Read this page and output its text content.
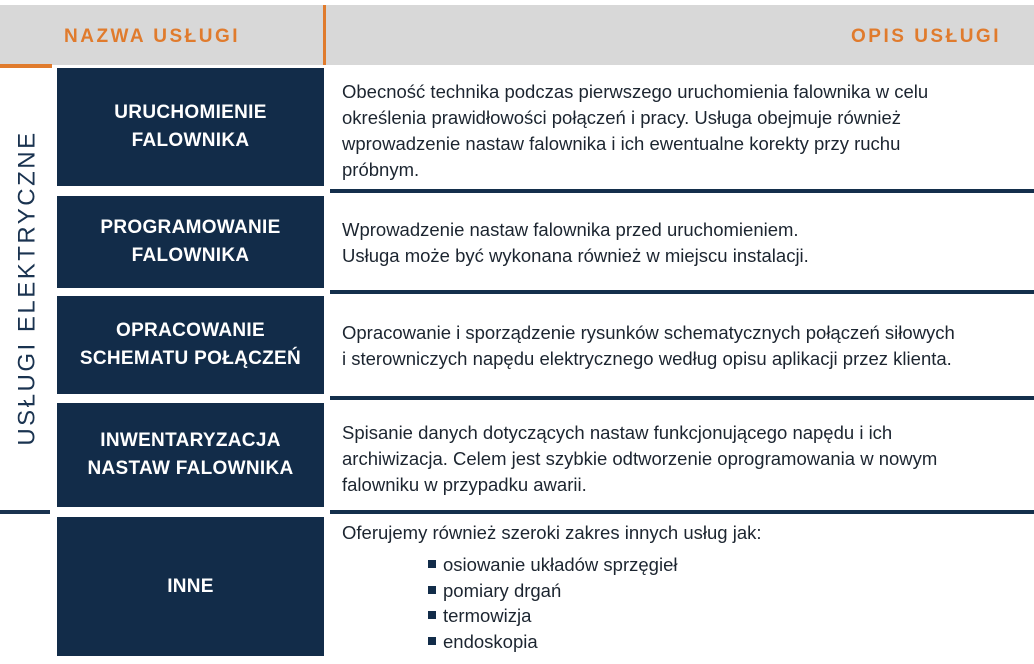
NAZWA USŁUGI	OPIS USŁUGI
USŁUGI ELEKTRYCZNE
URUCHOMIENIE
FALOWNIKA
Obecność technika podczas pierwszego uruchomienia falownika w celu
określenia prawidłowości połączeń i pracy. Usługa obejmuje również
wprowadzenie nastaw falownika i ich ewentualne korekty przy ruchu
próbnym.
PROGRAMOWANIE
FALOWNIKA
Wprowadzenie nastaw falownika przed uruchomieniem.
Usługa może być wykonana również w miejscu instalacji.
OPRACOWANIE
SCHEMATU POŁĄCZEŃ
Opracowanie i sporządzenie rysunków schematycznych połączeń siłowych
i sterowniczych napędu elektrycznego według opisu aplikacji przez klienta.
INWENTARYZACJA
NASTAW FALOWNIKA
Spisanie danych dotyczących nastaw funkcjonującego napędu i ich
archiwizacja. Celem jest szybkie odtworzenie oprogramowania w nowym
falowniku w przypadku awarii.
INNE
Oferujemy również szeroki zakres innych usług jak:
osiowanie układów sprzęgieł
pomiary drgań
termowizja
endoskopia
